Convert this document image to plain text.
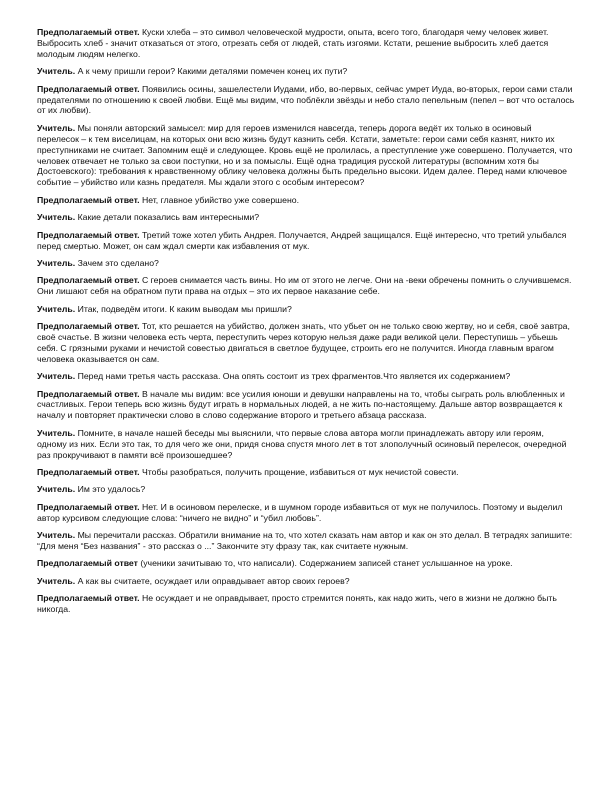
Предполагаемый ответ. Куски хлеба – это символ человеческой мудрости, опыта, всего того, благодаря чему человек живет. Выбросить хлеб - значит отказаться от этого, отрезать себя от людей, стать изгоями. Кстати, решение выбросить хлеб дается молодым людям нелегко.

Учитель. А к чему пришли герои? Какими деталями помечен конец их пути?

Предполагаемый ответ. Появились осины, зашелестели Иудами, ибо, во-первых, сейчас умрет Иуда, во-вторых, герои сами стали предателями по отношению к своей любви. Ещё мы видим, что поблёкли звёзды и небо стало пепельным (пепел – вот что осталось от их любви).

Учитель. Мы поняли авторский замысел: мир для героев изменился навсегда, теперь дорога ведёт их только в осиновый перелесок – к тем виселицам, на которых они всю жизнь будут казнить себя. Кстати, заметьте: герои сами себя казнят, никто их преступниками не считает. Запомним ещё и следующее. Кровь ещё не пролилась, а преступление уже совершено. Получается, что человек отвечает не только за свои поступки, но и за помыслы. Ещё одна традиция русской литературы (вспомним хотя бы Достоевского): требования к нравственному облику человека должны быть предельно высоки. Идем далее. Перед нами ключевое событие – убийство или казнь предателя. Мы ждали этого с особым интересом?

Предполагаемый ответ. Нет, главное убийство уже совершено.

Учитель. Какие детали показались вам интересными?

Предполагаемый ответ. Третий тоже хотел убить Андрея. Получается, Андрей защищался. Ещё интересно, что третий улыбался перед смертью. Может, он сам ждал смерти как избавления от мук.

Учитель. Зачем это сделано?

Предполагаемый ответ. С героев снимается часть вины. Но им от этого не легче. Они на -веки обречены помнить о случившемся. Они лишают себя на обратном пути права на отдых – это их первое наказание себе.

Учитель. Итак, подведём итоги. К каким выводам мы пришли?

Предполагаемый ответ. Тот, кто решается на убийство, должен знать, что убьет он не только свою жертву, но и себя, своё завтра, своё счастье. В жизни человека есть черта, переступить через которую нельзя даже ради великой цели. Переступишь – убьешь себя. С грязными руками и нечистой совестью двигаться в светлое будущее, строить его не получится. Иногда главным врагом человека оказывается он сам.

Учитель. Перед нами третья часть рассказа. Она опять состоит из трех фрагментов.Что является их содержанием?

Предполагаемый ответ. В начале мы видим: все усилия юноши и девушки направлены на то, чтобы сыграть роль влюбленных и счастливых. Герои теперь всю жизнь будут играть в нормальных людей, а не жить по-настоящему. Дальше автор возвращается к началу и повторяет практически слово в слово содержание второго и третьего абзаца рассказа.

Учитель. Помните, в начале нашей беседы мы выяснили, что первые слова автора могли принадлежать автору или героям, одному из них. Если это так, то для чего же они, придя снова спустя много лет в тот злополучный осиновый перелесок, очередной раз прокручивают в памяти всё произошедшее?

Предполагаемый ответ. Чтобы разобраться, получить прощение, избавиться от мук нечистой совести.

Учитель. Им это удалось?

Предполагаемый ответ. Нет. И в осиновом перелеске, и в шумном городе избавиться от мук не получилось. Поэтому и выделил автор курсивом следующие слова: “ничего не видно” и “убил любовь”.

Учитель. Мы перечитали рассказ. Обратили внимание на то, что хотел сказать нам автор и как он это делал. В тетрадях запишите: “Для меня “Без названия” - это рассказ о ...” Закончите эту фразу так, как считаете нужным.

Предполагаемый ответ (ученики зачитываю то, что написали). Содержанием записей станет услышанное на уроке.

Учитель. А как вы считаете, осуждает или оправдывает автор своих героев?

Предполагаемый ответ. Не осуждает и не оправдывает, просто стремится понять, как надо жить, чего в жизни не должно быть никогда.
